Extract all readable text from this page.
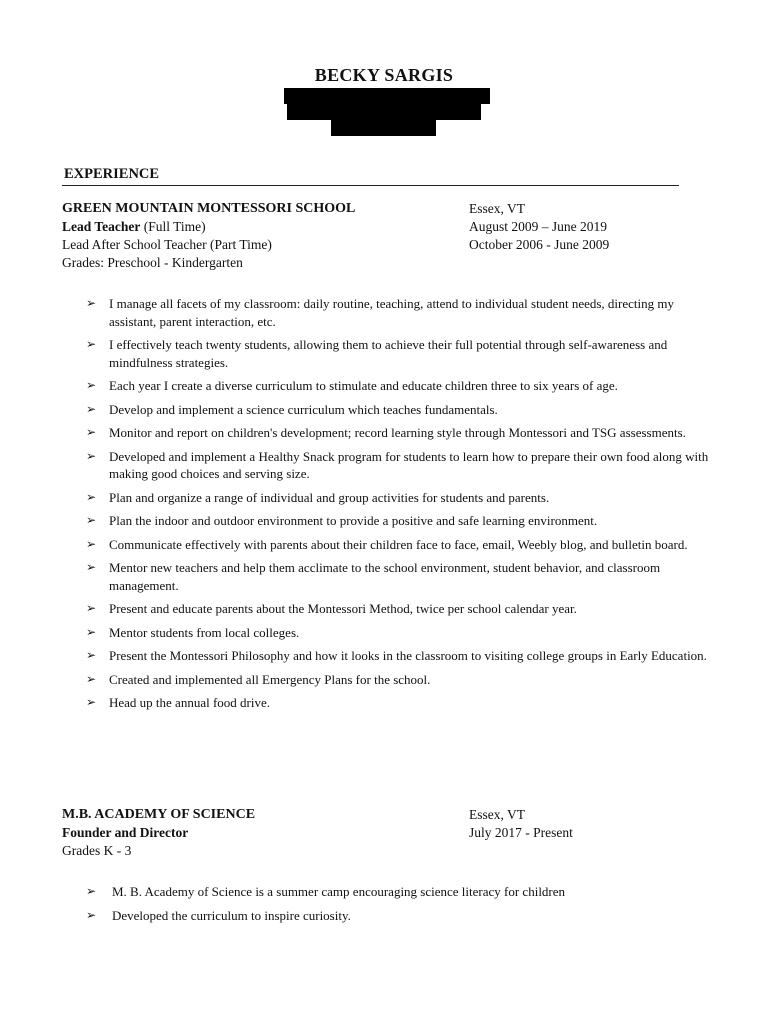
BECKY SARGIS
EXPERIENCE
GREEN MOUNTAIN MONTESSORI SCHOOL	Essex, VT
Lead Teacher (Full Time)	August 2009 – June 2019
Lead After School Teacher (Part Time)	October 2006 - June 2009
Grades: Preschool - Kindergarten
➢ I manage all facets of my classroom: daily routine, teaching, attend to individual student needs, directing my assistant, parent interaction, etc.
➢ I effectively teach twenty students, allowing them to achieve their full potential through self-awareness and mindfulness strategies.
➢ Each year I create a diverse curriculum to stimulate and educate children three to six years of age.
➢ Develop and implement a science curriculum which teaches fundamentals.
➢ Monitor and report on children's development; record learning style through Montessori and TSG assessments.
➢ Developed and implement a Healthy Snack program for students to learn how to prepare their own food along with making good choices and serving size.
➢ Plan and organize a range of individual and group activities for students and parents.
➢ Plan the indoor and outdoor environment to provide a positive and safe learning environment.
➢ Communicate effectively with parents about their children face to face, email, Weebly blog, and bulletin board.
➢ Mentor new teachers and help them acclimate to the school environment, student behavior, and classroom management.
➢ Present and educate parents about the Montessori Method, twice per school calendar year.
➢ Mentor students from local colleges.
➢ Present the Montessori Philosophy and how it looks in the classroom to visiting college groups in Early Education.
➢ Created and implemented all Emergency Plans for the school.
➢ Head up the annual food drive.
M.B. ACADEMY OF SCIENCE	Essex, VT
Founder and Director	July 2017 - Present
Grades K - 3
➢ M. B. Academy of Science is a summer camp encouraging science literacy for children
➢ Developed the curriculum to inspire curiosity.
